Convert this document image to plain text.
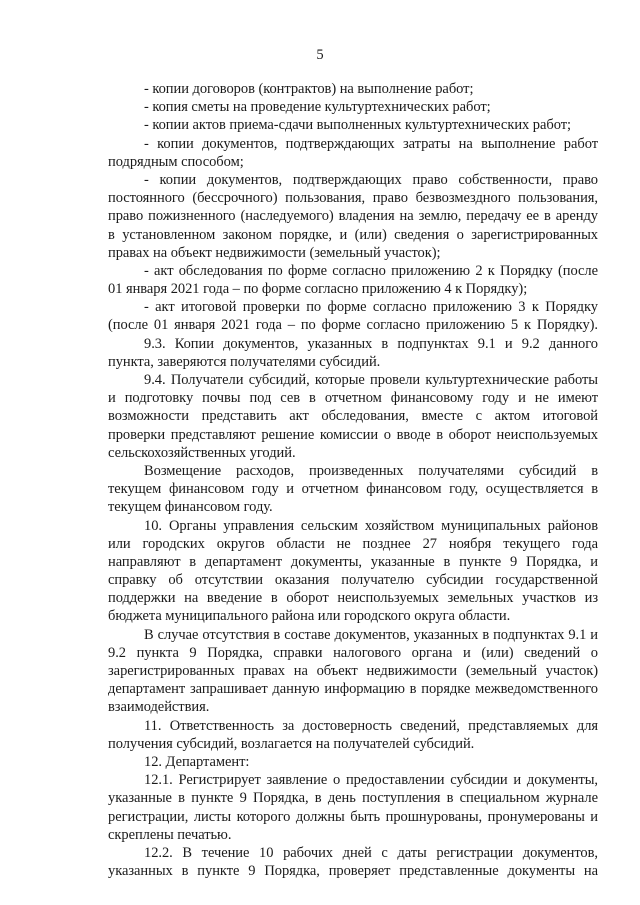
5
- копии договоров (контрактов) на выполнение работ;
- копия сметы на проведение культуртехнических работ;
- копии актов приема-сдачи выполненных культуртехнических работ;
- копии документов, подтверждающих затраты на выполнение работ
подрядным способом;
- копии документов, подтверждающих право собственности, право
постоянного (бессрочного) пользования, право безвозмездного пользования,
право пожизненного (наследуемого) владения на землю, передачу ее в аренду
в установленном законом порядке, и (или) сведения о зарегистрированных
правах на объект недвижимости (земельный участок);
- акт обследования по форме согласно приложению 2 к Порядку (после
01 января 2021 года – по форме согласно приложению 4 к Порядку);
- акт итоговой проверки по форме согласно приложению 3 к Порядку
(после 01 января 2021 года – по форме согласно приложению 5 к Порядку).
9.3. Копии документов, указанных в подпунктах 9.1 и 9.2 данного
пункта, заверяются получателями субсидий.
9.4. Получатели субсидий, которые провели культуртехнические работы
и подготовку почвы под сев в отчетном финансовому году и не имеют
возможности представить акт обследования, вместе с актом итоговой
проверки представляют решение комиссии о вводе в оборот неиспользуемых
сельскохозяйственных угодий.
Возмещение расходов, произведенных получателями субсидий в
текущем финансовом году и отчетном финансовом году, осуществляется в
текущем финансовом году.
10. Органы управления сельским хозяйством муниципальных районов
или городских округов области не позднее 27 ноября текущего года
направляют в департамент документы, указанные в пункте 9 Порядка, и
справку об отсутствии оказания получателю субсидии государственной
поддержки на введение в оборот неиспользуемых земельных участков из
бюджета муниципального района или городского округа области.
В случае отсутствия в составе документов, указанных в подпунктах 9.1 и
9.2 пункта 9 Порядка, справки налогового органа и (или) сведений о
зарегистрированных правах на объект недвижимости (земельный участок)
департамент запрашивает данную информацию в порядке межведомственного
взаимодействия.
11. Ответственность за достоверность сведений, представляемых для
получения субсидий, возлагается на получателей субсидий.
12. Департамент:
12.1. Регистрирует заявление о предоставлении субсидии и документы,
указанные в пункте 9 Порядка, в день поступления в специальном журнале
регистрации, листы которого должны быть прошнурованы, пронумерованы и
скреплены печатью.
12.2. В течение 10 рабочих дней с даты регистрации документов,
указанных в пункте 9 Порядка, проверяет представленные документы на
